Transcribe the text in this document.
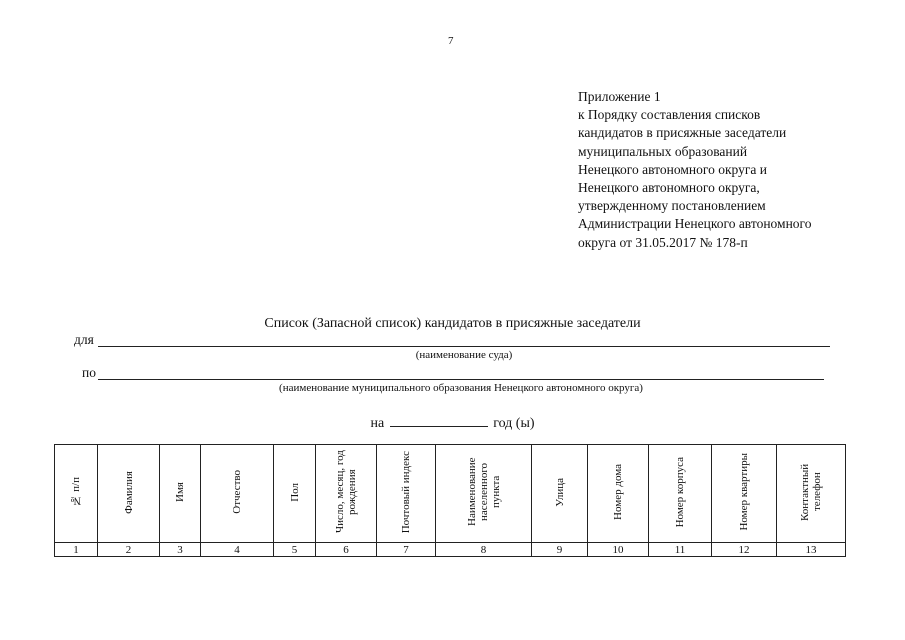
7
Приложение 1
к Порядку составления списков
кандидатов в присяжные заседатели
муниципальных образований
Ненецкого автономного округа и
Ненецкого автономного округа,
утвержденному постановлением
Администрации Ненецкого автономного
округа от 31.05.2017 № 178-п
Список (Запасной список) кандидатов в присяжные заседатели
для
(наименование суда)
по
(наименование муниципального образования Ненецкого автономного округа)
на	год (ы)
№ п/п	Фамилия	Имя	Отчество	Пол	Число, месяц, год рождения	Почтовый индекс	Наименование населенного пункта	Улица	Номер дома	Номер корпуса	Номер квартиры	Контактный телефон
1	2	3	4	5	6	7	8	9	10	11	12	13
